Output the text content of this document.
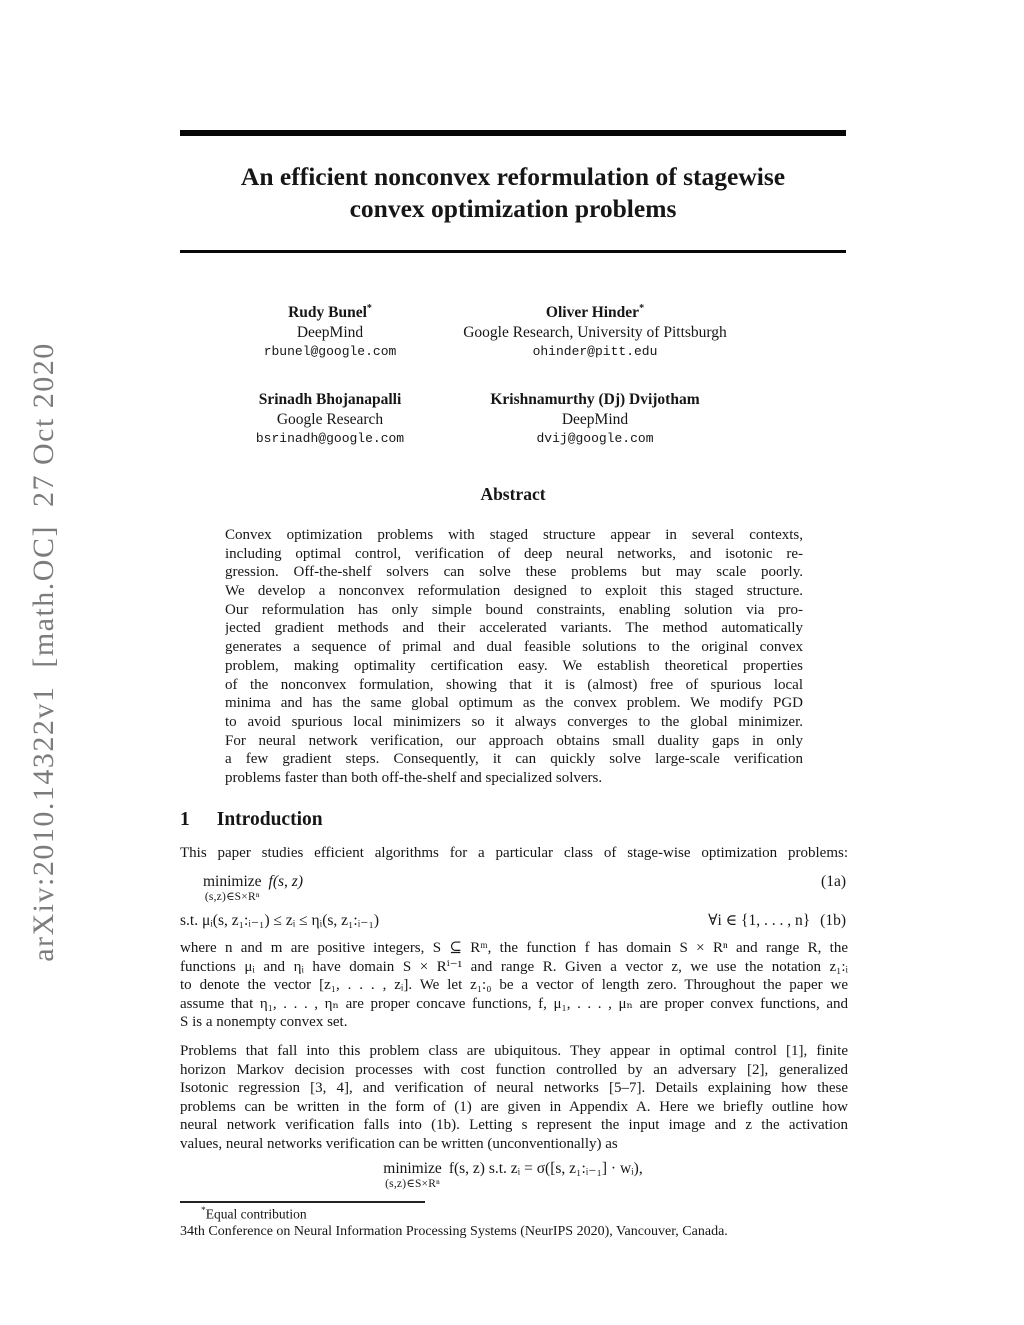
arXiv:2010.14322v1  [math.OC]  27 Oct 2020
An efficient nonconvex reformulation of stagewise
convex optimization problems
Rudy Bunel*
DeepMind
rbunel@google.com
Oliver Hinder*
Google Research, University of Pittsburgh
ohinder@pitt.edu
Srinadh Bhojanapalli
Google Research
bsrinadh@google.com
Krishnamurthy (Dj) Dvijotham
DeepMind
dvij@google.com
Abstract
Convex optimization problems with staged structure appear in several contexts,
including optimal control, verification of deep neural networks, and isotonic re-
gression. Off-the-shelf solvers can solve these problems but may scale poorly.
We develop a nonconvex reformulation designed to exploit this staged structure.
Our reformulation has only simple bound constraints, enabling solution via pro-
jected gradient methods and their accelerated variants. The method automatically
generates a sequence of primal and dual feasible solutions to the original convex
problem, making optimality certification easy. We establish theoretical properties
of the nonconvex formulation, showing that it is (almost) free of spurious local
minima and has the same global optimum as the convex problem. We modify PGD
to avoid spurious local minimizers so it always converges to the global minimizer.
For neural network verification, our approach obtains small duality gaps in only
a few gradient steps. Consequently, it can quickly solve large-scale verification
problems faster than both off-the-shelf and specialized solvers.
1 Introduction
This paper studies efficient algorithms for a particular class of stage-wise optimization problems:
minimize
(s,z)∈S×Rⁿ
f(s, z)	(1a)
s.t. μᵢ(s, z₁:ᵢ₋₁) ≤ zᵢ ≤ ηᵢ(s, z₁:ᵢ₋₁)	∀i ∈ {1, . . . , n} (1b)
where n and m are positive integers, S ⊆ Rᵐ, the function f has domain S × Rⁿ and range R, the
functions μᵢ and ηᵢ have domain S × Rⁱ⁻¹ and range R. Given a vector z, we use the notation z₁:ᵢ
to denote the vector [z₁, . . . , zᵢ]. We let z₁:₀ be a vector of length zero. Throughout the paper we
assume that η₁, . . . , ηₙ are proper concave functions, f, μ₁, . . . , μₙ are proper convex functions, and
S is a nonempty convex set.
Problems that fall into this problem class are ubiquitous. They appear in optimal control [1], finite
horizon Markov decision processes with cost function controlled by an adversary [2], generalized
Isotonic regression [3, 4], and verification of neural networks [5–7]. Details explaining how these
problems can be written in the form of (1) are given in Appendix A. Here we briefly outline how
neural network verification falls into (1b). Letting s represent the input image and z the activation
values, neural networks verification can be written (unconventionally) as
minimize
(s,z)∈S×Rⁿ
f(s, z) s.t. zᵢ = σ([s, z₁:ᵢ₋₁] · wᵢ),
*Equal contribution
34th Conference on Neural Information Processing Systems (NeurIPS 2020), Vancouver, Canada.
